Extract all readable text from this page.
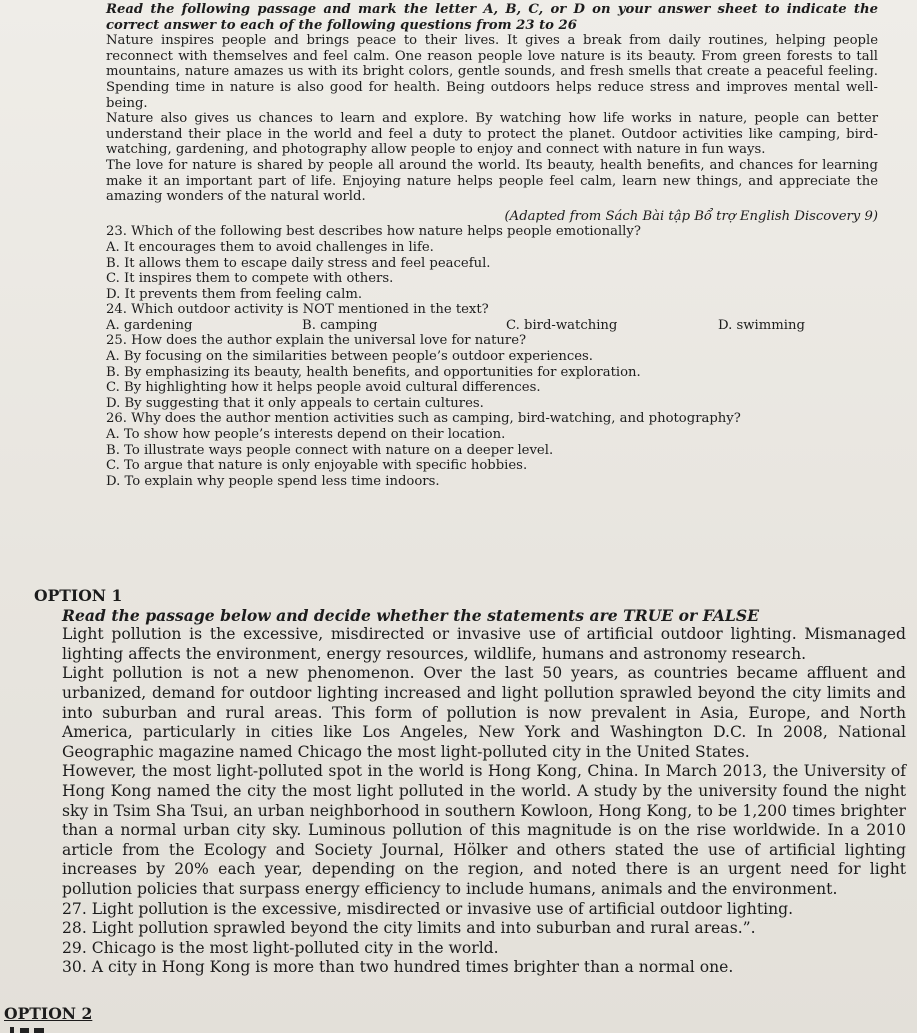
Read the following passage and mark the letter A, B, C, or D on your answer sheet to indicate the correct answer to each of the following questions from 23 to 26

Nature inspires people and brings peace to their lives. It gives a break from daily routines, helping people reconnect with themselves and feel calm. One reason people love nature is its beauty. From green forests to tall mountains, nature amazes us with its bright colors, gentle sounds, and fresh smells that create a peaceful feeling. Spending time in nature is also good for health. Being outdoors helps reduce stress and improves mental well-being.

Nature also gives us chances to learn and explore. By watching how life works in nature, people can better understand their place in the world and feel a duty to protect the planet. Outdoor activities like camping, bird-watching, gardening, and photography allow people to enjoy and connect with nature in fun ways.

The love for nature is shared by people all around the world. Its beauty, health benefits, and chances for learning make it an important part of life. Enjoying nature helps people feel calm, learn new things, and appreciate the amazing wonders of the natural world.

(Adapted from Sách Bài tập Bổ trợ English Discovery 9)

23. Which of the following best describes how nature helps people emotionally?

A. It encourages them to avoid challenges in life.

B. It allows them to escape daily stress and feel peaceful.

C. It inspires them to compete with others.

D. It prevents them from feeling calm.

24. Which outdoor activity is NOT mentioned in the text?

A. gardening	B. camping	C. bird-watching	D. swimming

25. How does the author explain the universal love for nature?

A. By focusing on the similarities between people’s outdoor experiences.

B. By emphasizing its beauty, health benefits, and opportunities for exploration.

C. By highlighting how it helps people avoid cultural differences.

D. By suggesting that it only appeals to certain cultures.

26. Why does the author mention activities such as camping, bird-watching, and photography?

A. To show how people’s interests depend on their location.

B. To illustrate ways people connect with nature on a deeper level.

C. To argue that nature is only enjoyable with specific hobbies.

D. To explain why people spend less time indoors.

OPTION 1

Read the passage below and decide whether the statements are TRUE or FALSE

Light pollution is the excessive, misdirected or invasive use of artificial outdoor lighting. Mismanaged lighting affects the environment, energy resources, wildlife, humans and astronomy research.

Light pollution is not a new phenomenon. Over the last 50 years, as countries became affluent and urbanized, demand for outdoor lighting increased and light pollution sprawled beyond the city limits and into suburban and rural areas. This form of pollution is now prevalent in Asia, Europe, and North America, particularly in cities like Los Angeles, New York and Washington D.C. In 2008, National Geographic magazine named Chicago the most light-polluted city in the United States.

However, the most light-polluted spot in the world is Hong Kong, China. In March 2013, the University of Hong Kong named the city the most light polluted in the world. A study by the university found the night sky in Tsim Sha Tsui, an urban neighborhood in southern Kowloon, Hong Kong, to be 1,200 times brighter than a normal urban city sky. Luminous pollution of this magnitude is on the rise worldwide. In a 2010 article from the Ecology and Society Journal, Hölker and others stated the use of artificial lighting increases by 20% each year, depending on the region, and noted there is an urgent need for light pollution policies that surpass energy efficiency to include humans, animals and the environment.

27. Light pollution is the excessive, misdirected or invasive use of artificial outdoor lighting.

28. Light pollution sprawled beyond the city limits and into suburban and rural areas.”.

29. Chicago is the most light-polluted city in the world.

30. A city in Hong Kong is more than two hundred times brighter than a normal one.

OPTION 2
